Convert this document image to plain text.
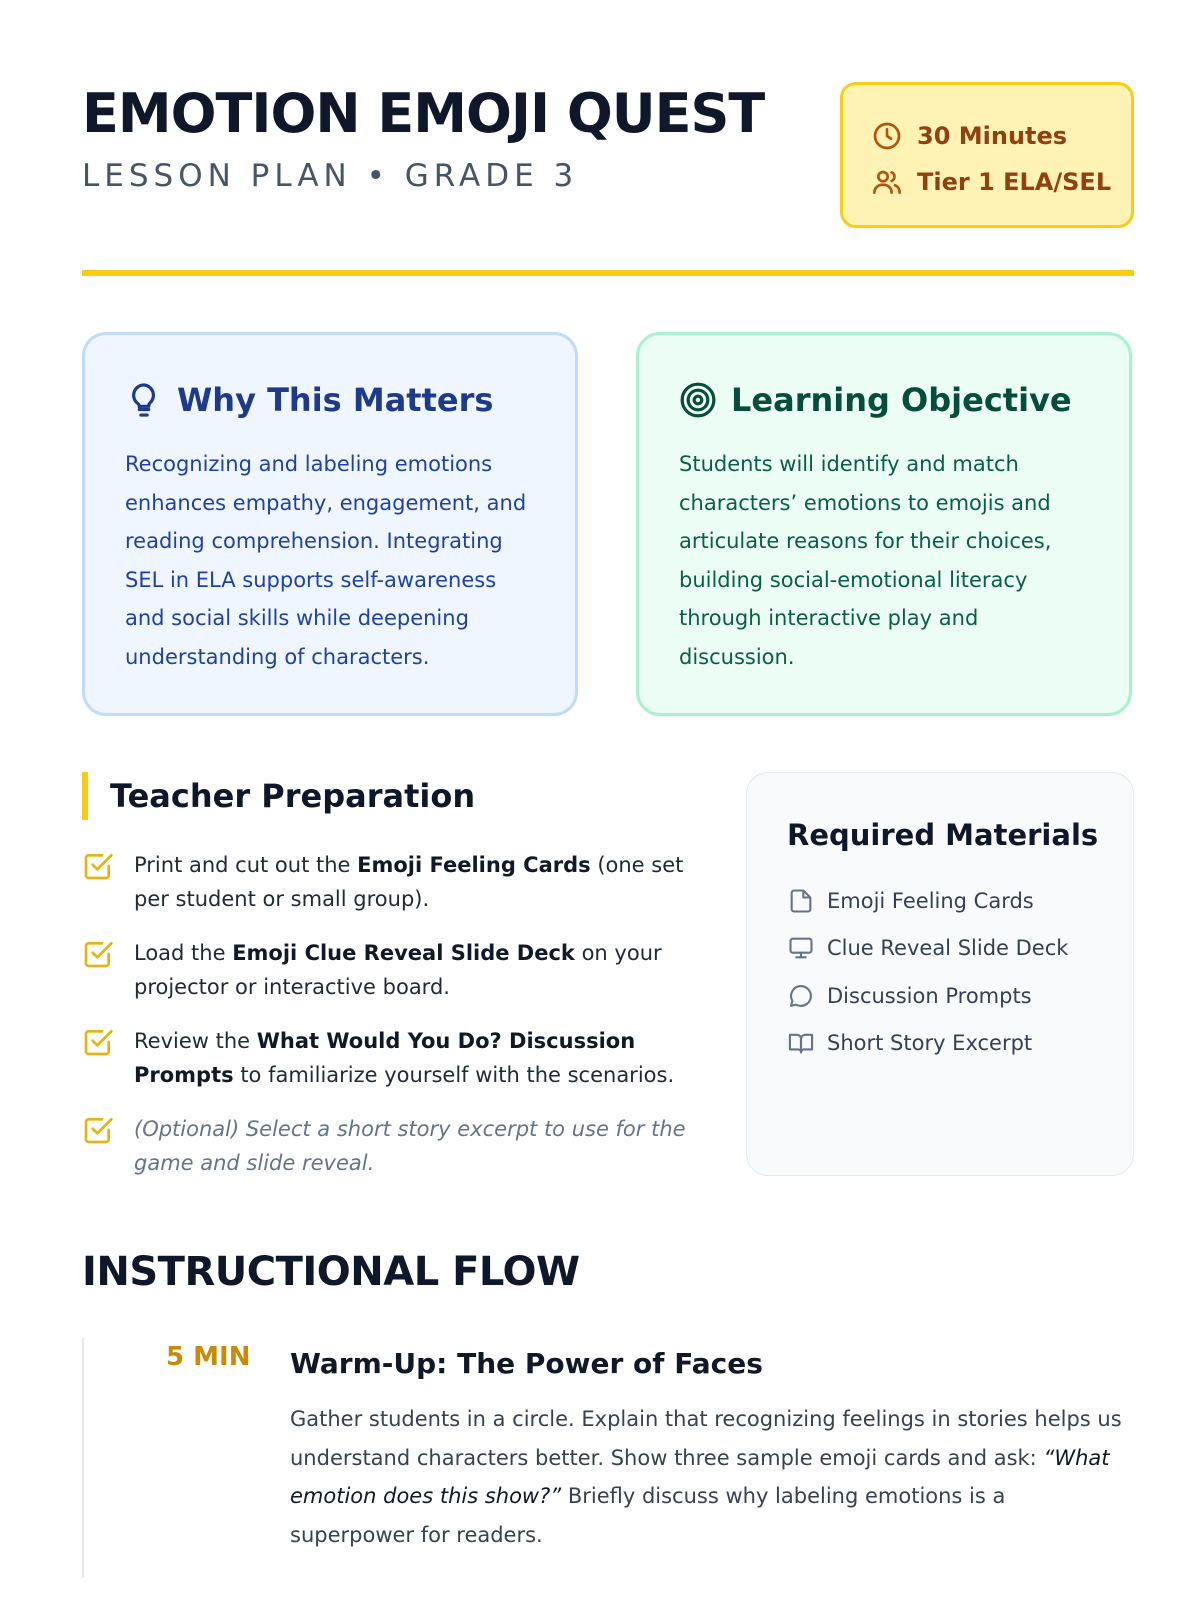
EMOTION EMOJI QUEST
LESSON PLAN • GRADE 3
30 Minutes
Tier 1 ELA/SEL
Why This Matters

Recognizing and labeling emotions enhances empathy, engagement, and reading comprehension. Integrating SEL in ELA supports self-awareness and social skills while deepening understanding of characters.

Learning Objective

Students will identify and match characters’ emotions to emojis and articulate reasons for their choices, building social-emotional literacy through interactive play and discussion.

Teacher Preparation

Print and cut out the Emoji Feeling Cards (one set per student or small group).

Load the Emoji Clue Reveal Slide Deck on your projector or interactive board.

Review the What Would You Do? Discussion Prompts to familiarize yourself with the scenarios.

(Optional) Select a short story excerpt to use for the game and slide reveal.

Required Materials
Emoji Feeling Cards
Clue Reveal Slide Deck
Discussion Prompts
Short Story Excerpt
INSTRUCTIONAL FLOW
5 MIN	Warm-Up: The Power of Faces

Gather students in a circle. Explain that recognizing feelings in stories helps us understand characters better. Show three sample emoji cards and ask: “What emotion does this show?” Briefly discuss why labeling emotions is a superpower for readers.
